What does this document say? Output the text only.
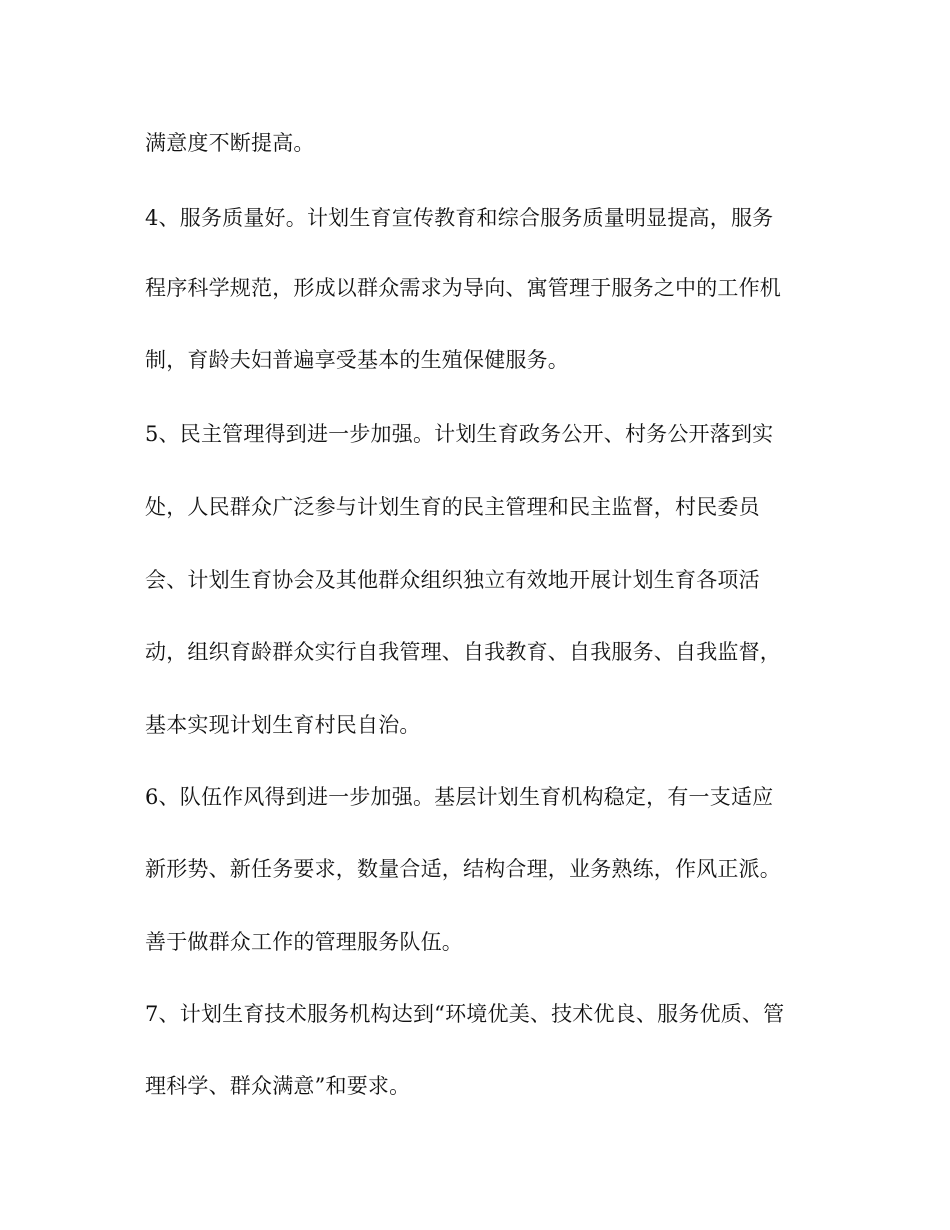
满意度不断提高。

4、服务质量好。计划生育宣传教育和综合服务质量明显提高，服务

程序科学规范，形成以群众需求为导向、寓管理于服务之中的工作机

制，育龄夫妇普遍享受基本的生殖保健服务。

5、民主管理得到进一步加强。计划生育政务公开、村务公开落到实

处，人民群众广泛参与计划生育的民主管理和民主监督，村民委员

会、计划生育协会及其他群众组织独立有效地开展计划生育各项活

动，组织育龄群众实行自我管理、自我教育、自我服务、自我监督，

基本实现计划生育村民自治。

6、队伍作风得到进一步加强。基层计划生育机构稳定，有一支适应

新形势、新任务要求，数量合适，结构合理，业务熟练，作风正派。

善于做群众工作的管理服务队伍。

7、计划生育技术服务机构达到“环境优美、技术优良、服务优质、管

理科学、群众满意”和要求。
